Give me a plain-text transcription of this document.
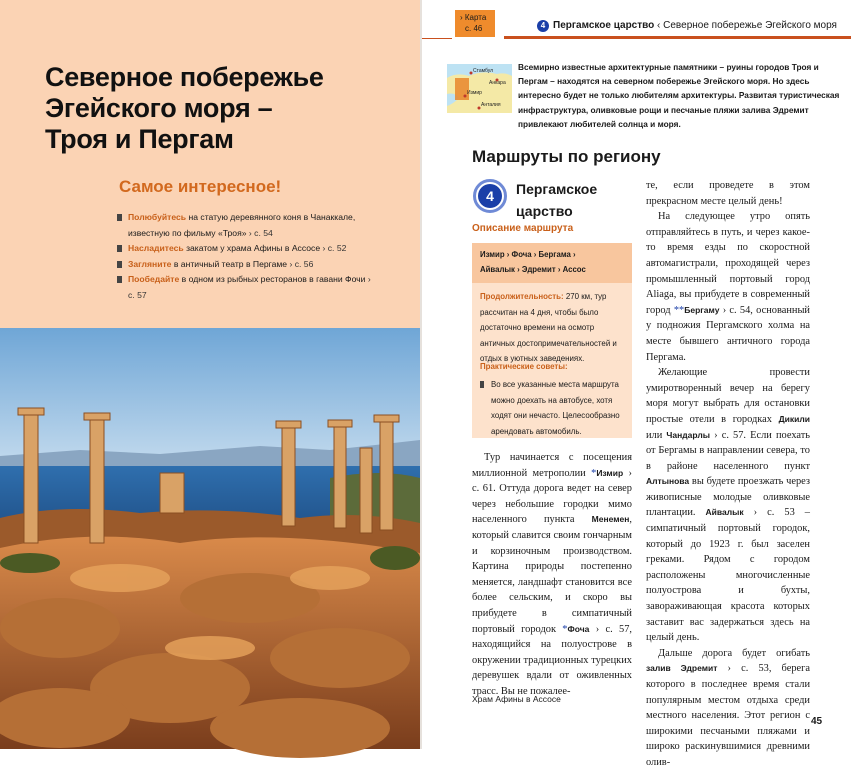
Северное побережье
Эгейского моря –
Троя и Пергам
Самое интересное!
Полюбуйтесь на статую деревянного коня в Чанаккале, известную по фильму «Троя» › с. 54
Насладитесь закатом у храма Афины в Ассосе › с. 52
Загляните в античный театр в Пергаме › с. 56
Пообедайте в одном из рыбных ресторанов в гавани Фочи › с. 57
› Карта
с. 46	4 Пергамское царство ‹ Северное побережье Эгейского моря
Стамбул
Анкара
Измир
Анталия
Всемирно известные архитектурные памятники – руины городов Троя и Пергам – находятся на северном побережье Эгейского моря. Но здесь интересно будет не только любителям архитектуры. Развитая туристическая инфраструктура, оливковые рощи и песчаные пляжи залива Эдремит привлекают любителей солнца и моря.
Маршруты по региону
4	Пергамское царство
Описание маршрута
Измир › Фоча › Бергама ›
Айвалык › Эдремит › Ассос
Продолжительность: 270 км, тур рассчитан на 4 дня, чтобы было достаточно времени на осмотр античных достопримечательностей и отдых в уютных заведениях.
Практические советы:
Во все указанные места маршрута можно доехать на автобусе, хотя ходят они нечасто. Целесообразно арендовать автомобиль.

Тур начинается с посещения миллионной метрополии *Измир › с. 61. Оттуда дорога ведет на север через небольшие городки мимо населенного пункта Менемен, который славится своим гончарным и корзиночным производством. Картина природы постепенно меняется, ландшафт становится все более сельским, и скоро вы прибудете в симпатичный портовый городок *Фоча › с. 57, находящийся на полуострове в окружении традиционных турецких деревушек вдали от оживленных трасс. Вы не пожалее-

те, если проведете в этом прекрасном месте целый день!

На следующее утро опять отправляйтесь в путь, и через какое-то время езды по скоростной автомагистрали, проходящей через промышленный портовый город Aliaga, вы прибудете в современный город **Бергаму › с. 54, основанный у подножия Пергамского холма на месте бывшего античного города Пергама.

Желающие провести умиротворенный вечер на берегу моря могут выбрать для остановки простые отели в городках Дикили или Чандарлы › с. 57. Если поехать от Бергамы в направлении севера, то в районе населенного пункт Алтынова вы будете проезжать через живописные молодые оливковые плантации. Айвалык › с. 53 – симпатичный портовый городок, который до 1923 г. был заселен греками. Рядом с городом расположены многочисленные полуострова и бухты, завораживающая красота которых заставит вас задержаться здесь на целый день.

Дальше дорога будет огибать залив Эдремит › с. 53, берега которого в последнее время стали популярным местом отдыха среди местного населения. Этот регион с широкими песчаными пляжами и широко раскинувшимися древними олив-

Храм Афины в Ассосе
45
